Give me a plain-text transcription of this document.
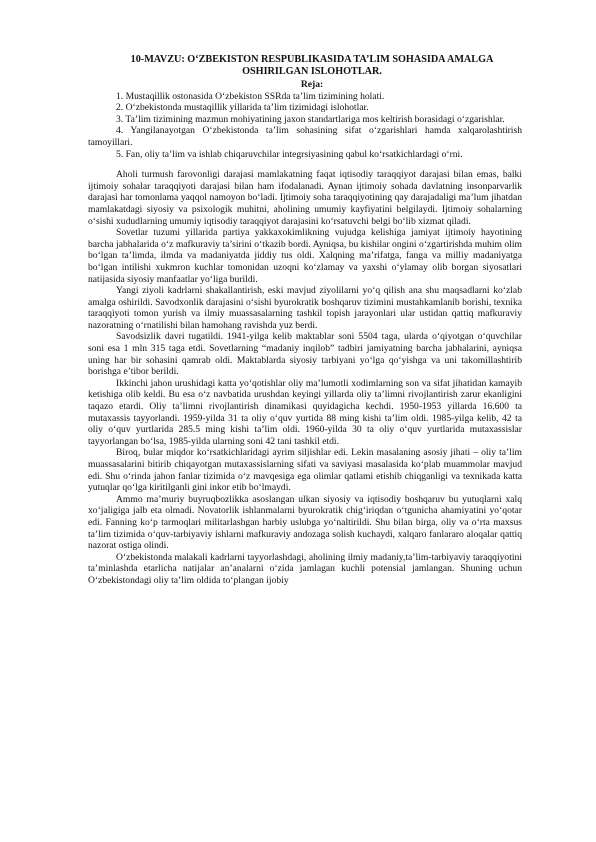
10-MAVZU: O‘ZBEKISTON RESPUBLIKASIDA TA’LIM SOHASIDA AMALGA OSHIRILGAN ISLOHOTLAR.
Reja:
1. Mustaqillik ostonasida O‘zbekiston SSRda ta’lim tizimining holati.
2. O‘zbekistonda mustaqillik yillarida ta’lim tizimidagi islohotlar.
3. Ta’lim tizimining mazmun mohiyatining jaxon standartlariga mos keltirish borasidagi o‘zgarishlar.
4. Yangilanayotgan O‘zbekistonda ta’lim sohasining sifat o‘zgarishlari hamda xalqarolashtirish tamoyillari.
5. Fan, oliy ta’lim va ishlab chiqaruvchilar integrsiyasining qabul ko‘rsatkichlardagi o‘rni.

Aholi turmush farovonligi darajasi mamlakatning faqat iqtisodiy taraqqiyot darajasi bilan emas, balki ijtimoiy sohalar taraqqiyoti darajasi bilan ham ifodalanadi. Aynan ijtimoiy sohada davlatning insonparvarlik darajasi har tomonlama yaqqol namoyon bo‘ladi. Ijtimoiy soha taraqqiyotining qay darajadaligi ma’lum jihatdan mamlakatdagi siyosiy va psixologik muhitni, aholining umumiy kayfiyatini belgilaydi. Ijtimoiy sohalarning o‘sishi xududlarning umumiy iqtisodiy taraqqiyot darajasini ko‘rsatuvchi belgi bo‘lib xizmat qiladi.

Sovetlar tuzumi yillarida partiya yakkaxokimlikning vujudga kelishiga jamiyat ijtimoiy hayotining barcha jabhalarida o‘z mafkuraviy ta’sirini o‘tkazib bordi. Ayniqsa, bu kishilar ongini o‘zgartirishda muhim olim bo‘lgan ta’limda, ilmda va madaniyatda jiddiy tus oldi. Xalqning ma’rifatga, fanga va milliy madaniyatga bo‘lgan intilishi xukmron kuchlar tomonidan uzoqni ko‘zlamay va yaxshi o‘ylamay olib borgan siyosatlari natijasida siyosiy manfaatlar yo‘liga burildi.

Yangi ziyoli kadrlarni shakallantirish, eski mavjud ziyolilarni yo‘q qilish ana shu maqsadlarni ko‘zlab amalga oshirildi. Savodxonlik darajasini o‘sishi byurokratik boshqaruv tizimini mustahkamlanib borishi, texnika taraqqiyoti tomon yurish va ilmiy muassasalarning tashkil topish jarayonlari ular ustidan qattiq mafkuraviy nazoratning o‘rnatilishi bilan hamohang ravishda yuz berdi.

Savodsizlik davri tugatildi. 1941-yilga kelib maktablar soni 5504 taga, ularda o‘qiyotgan o‘quvchilar soni esa 1 mln 315 taga etdi. Sovetlarning “madaniy inqilob” tadbiri jamiyatning barcha jabhalarini, ayniqsa uning har bir sohasini qamrab oldi. Maktablarda siyosiy tarbiyani yo‘lga qo‘yishga va uni takomillashtirib borishga e’tibor berildi.

Ikkinchi jahon urushidagi katta yo‘qotishlar oliy ma’lumotli xodimlarning son va sifat jihatidan kamayib ketishiga olib keldi. Bu esa o‘z navbatida urushdan keyingi yillarda oliy ta’limni rivojlantirish zarur ekanligini taqazo etardi. Oliy ta’limni rivojlantirish dinamikasi quyidagicha kechdi. 1950-1953 yillarda 16.600 ta mutaxassis tayyorlandi. 1959-yilda 31 ta oliy o‘quv yurtida 88 ming kishi ta’lim oldi. 1985-yilga kelib, 42 ta oliy o‘quv yurtlarida 285.5 ming kishi ta’lim oldi. 1960-yilda 30 ta oliy o‘quv yurtlarida mutaxassislar tayyorlangan bo‘lsa, 1985-yilda ularning soni 42 tani tashkil etdi.

Biroq, bular miqdor ko‘rsatkichlaridagi ayrim siljishlar edi. Lekin masalaning asosiy jihati – oliy ta’lim muassasalarini bitirib chiqayotgan mutaxassislarning sifati va saviyasi masalasida ko‘plab muammolar mavjud edi. Shu o‘rinda jahon fanlar tizimida o‘z mavqesiga ega olimlar qatlami etishib chiqganligi va texnikada katta yutuqlar qo‘lga kiritilganli gini inkor etib bo‘lmaydi.

Ammo ma’muriy buyruqbozlikka asoslangan ulkan siyosiy va iqtisodiy boshqaruv bu yutuqlarni xalq xo‘jaligiga jalb eta olmadi. Novatorlik ishlanmalarni byurokratik chig‘iriqdan o‘tgunicha ahamiyatini yo‘qotar edi. Fanning ko‘p tarmoqlari militarlashgan harbiy uslubga yo‘naltirildi. Shu bilan birga, oliy va o‘rta maxsus ta’lim tizimida o‘quv-tarbiyaviy ishlarni mafkuraviy andozaga solish kuchaydi, xalqaro fanlararo aloqalar qattiq nazorat ostiga olindi.

O‘zbekistonda malakali kadrlarni tayyorlashdagi, aholining ilmiy madaniy,ta’lim-tarbiyaviy taraqqiyotini ta’minlashda etarlicha natijalar an’analarni o‘zida jamlagan kuchli potensial jamlangan. Shuning uchun O‘zbekistondagi oliy ta’lim oldida to‘plangan ijobiy
